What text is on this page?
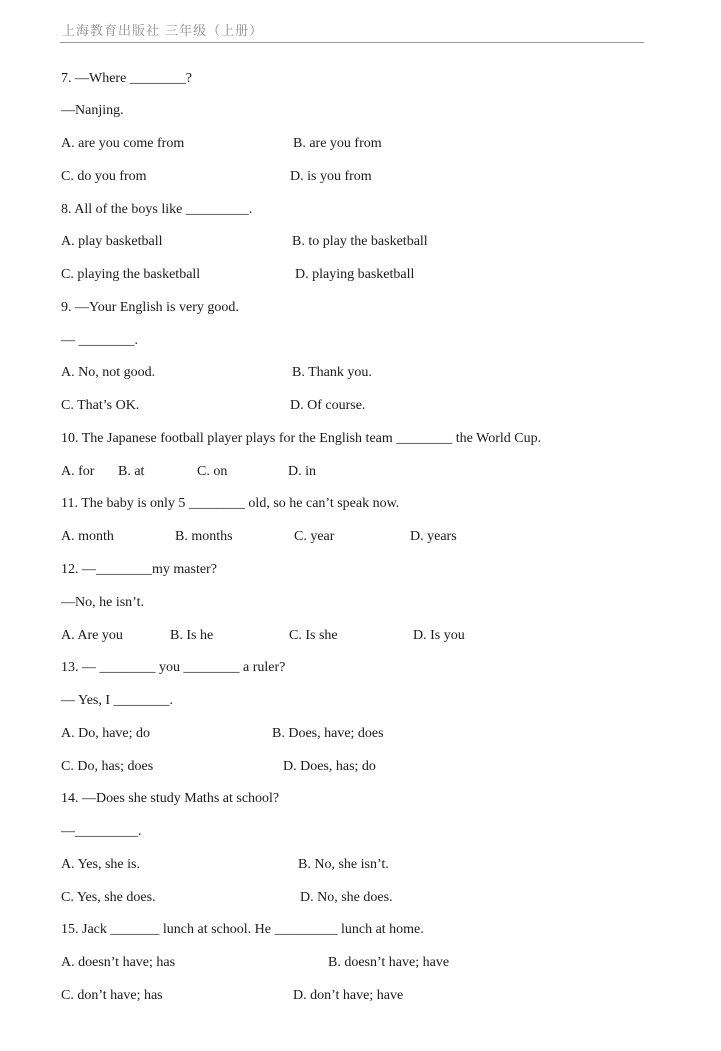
上海教育出版社 三年级（上册）
7. —Where ________?
—Nanjing.
A. are you come from	B. are you from
C. do you from	D. is you from
8. All of the boys like _________.
A. play basketball	B. to play the basketball
C. playing the basketball	D. playing basketball
9. —Your English is very good.
— ________.
A. No, not good.	B. Thank you.
C. That’s OK.	D. Of course.
10. The Japanese football player plays for the English team ________ the World Cup.
A. for B. at	C. on	D. in
11. The baby is only 5 ________ old, so he can’t speak now.
A. month	B. months	C. year	D. years
12. —________my master?
—No, he isn’t.
A. Are you	B. Is he	C. Is she	D. Is you
13. — ________ you ________ a ruler?
— Yes, I ________.
A. Do, have; do	B. Does, have; does
C. Do, has; does	D. Does, has; do
14. —Does she study Maths at school?
—_________.
A. Yes, she is.	B. No, she isn’t.
C. Yes, she does.	D. No, she does.
15. Jack _______ lunch at school. He _________ lunch at home.
A. doesn’t have; has	B. doesn’t have; have
C. don’t have; has	D. don’t have; have
